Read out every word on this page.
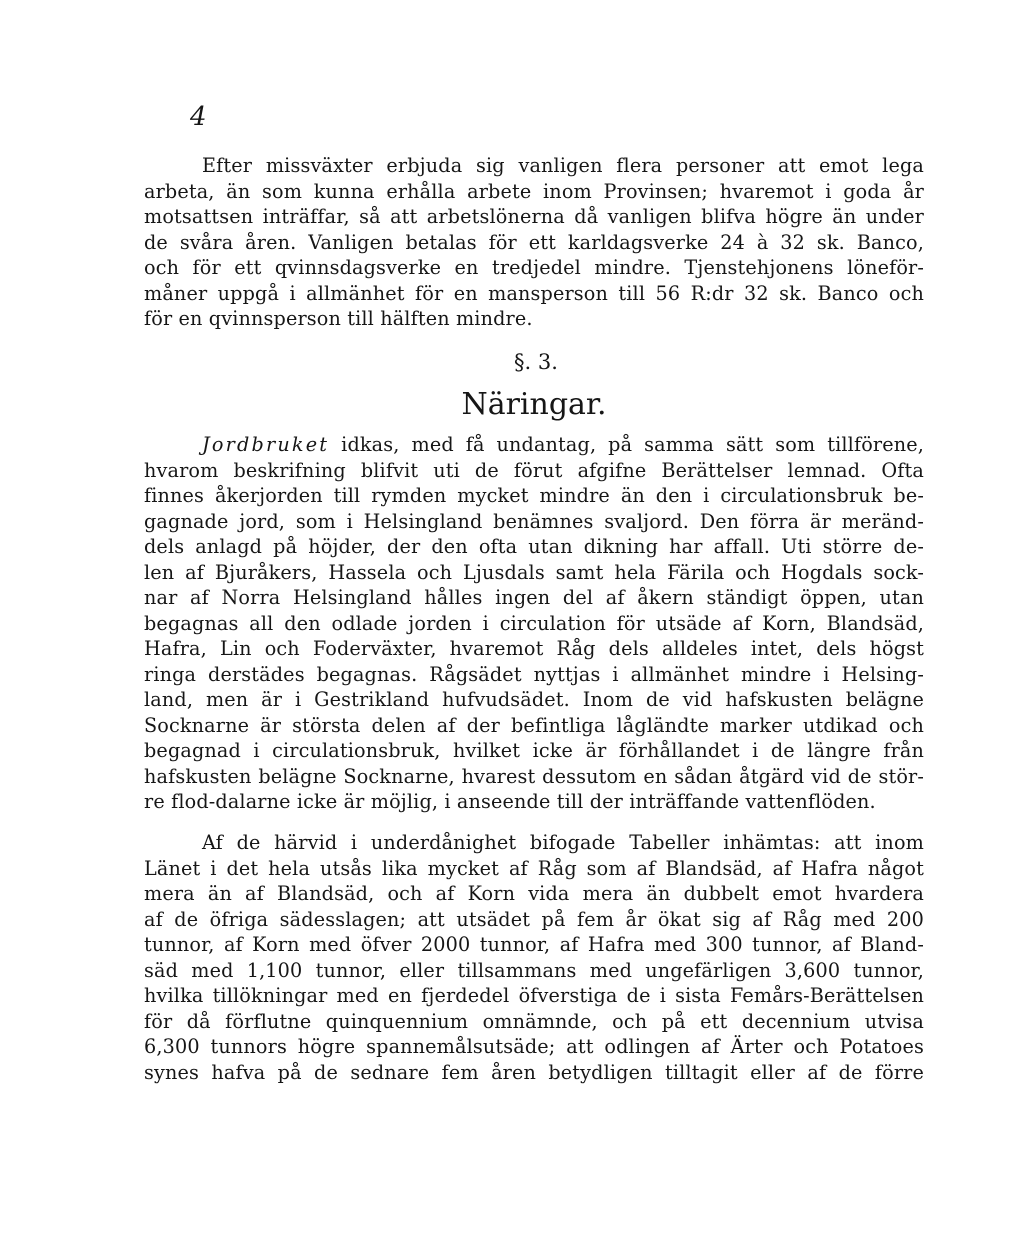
4
Efter missväxter erbjuda sig vanligen flera personer att emot lega
arbeta, än som kunna erhålla arbete inom Provinsen; hvaremot i goda år
motsattsen inträffar, så att arbetslönerna då vanligen blifva högre än under
de svåra åren. Vanligen betalas för ett karldagsverke 24 à 32 sk. Banco,
och för ett qvinnsdagsverke en tredjedel mindre. Tjenstehjonens löneför-
måner uppgå i allmänhet för en mansperson till 56 R:dr 32 sk. Banco och
för en qvinnsperson till hälften mindre.
§. 3.
Näringar.
Jordbruket idkas, med få undantag, på samma sätt som tillförene,
hvarom beskrifning blifvit uti de förut afgifne Berättelser lemnad. Ofta
finnes åkerjorden till rymden mycket mindre än den i circulationsbruk be-
gagnade jord, som i Helsingland benämnes svaljord. Den förra är meränd-
dels anlagd på höjder, der den ofta utan dikning har affall. Uti större de-
len af Bjuråkers, Hassela och Ljusdals samt hela Färila och Hogdals sock-
nar af Norra Helsingland hålles ingen del af åkern ständigt öppen, utan
begagnas all den odlade jorden i circulation för utsäde af Korn, Blandsäd,
Hafra, Lin och Foderväxter, hvaremot Råg dels alldeles intet, dels högst
ringa derstädes begagnas. Rågsädet nyttjas i allmänhet mindre i Helsing-
land, men är i Gestrikland hufvudsädet. Inom de vid hafskusten belägne
Socknarne är största delen af der befintliga lågländte marker utdikad och
begagnad i circulationsbruk, hvilket icke är förhållandet i de längre från
hafskusten belägne Socknarne, hvarest dessutom en sådan åtgärd vid de stör-
re flod-dalarne icke är möjlig, i anseende till der inträffande vattenflöden.
Af de härvid i underdånighet bifogade Tabeller inhämtas: att inom
Länet i det hela utsås lika mycket af Råg som af Blandsäd, af Hafra något
mera än af Blandsäd, och af Korn vida mera än dubbelt emot hvardera
af de öfriga sädesslagen; att utsädet på fem år ökat sig af Råg med 200
tunnor, af Korn med öfver 2000 tunnor, af Hafra med 300 tunnor, af Bland-
säd med 1,100 tunnor, eller tillsammans med ungefärligen 3,600 tunnor,
hvilka tillökningar med en fjerdedel öfverstiga de i sista Femårs-Berättelsen
för då förflutne quinquennium omnämnde, och på ett decennium utvisa
6,300 tunnors högre spannemålsutsäde; att odlingen af Ärter och Potatoes
synes hafva på de sednare fem åren betydligen tilltagit eller af de förre
